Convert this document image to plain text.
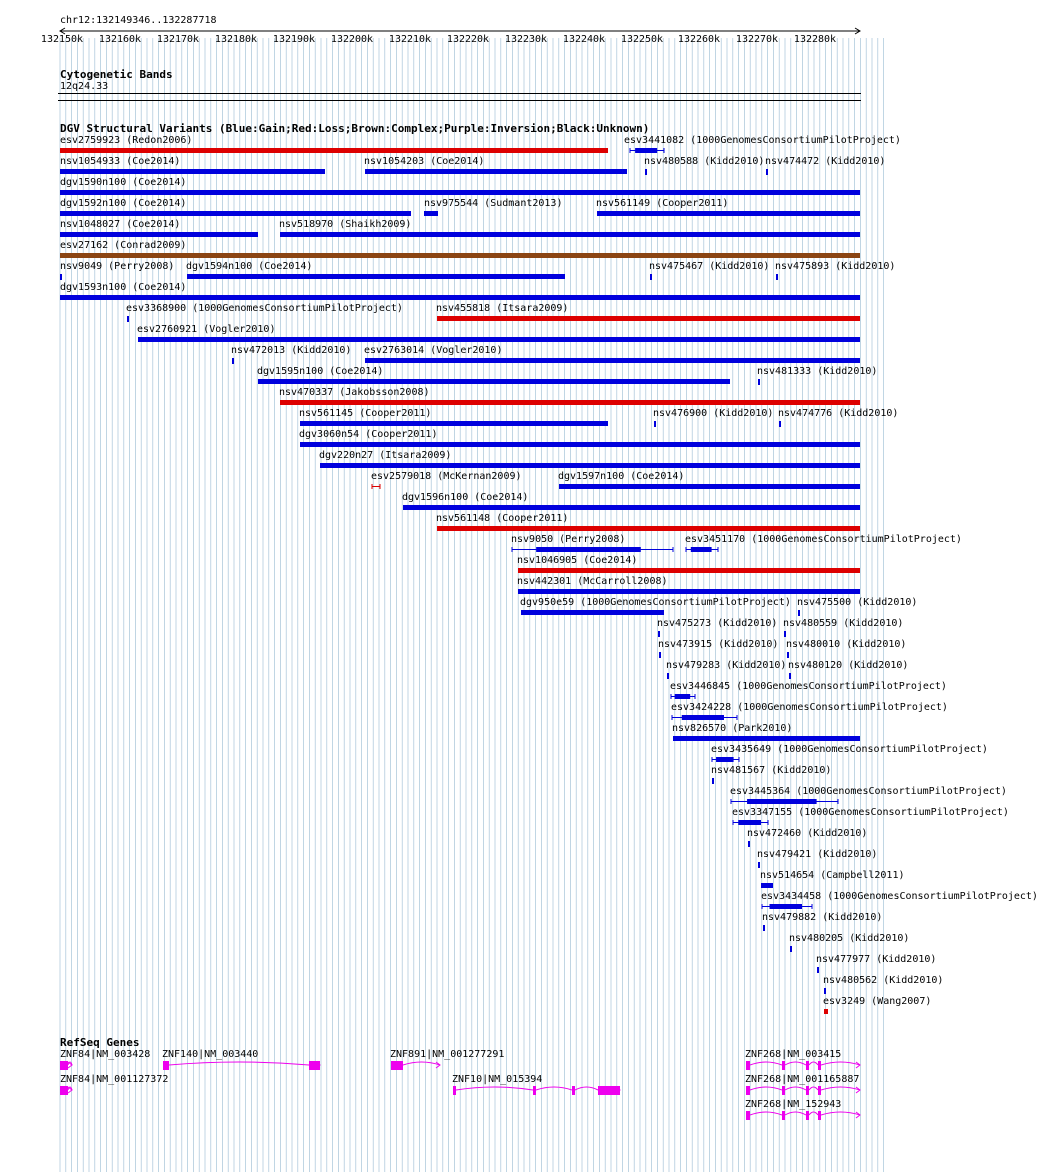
chr12:132149346..132287718
132150k 132160k 132170k 132180k 132190k 132200k 132210k 132220k 132230k 132240k 132250k 132260k 132270k 132280k
Cytogenetic Bands
12q24.33
DGV Structural Variants (Blue:Gain;Red:Loss;Brown:Complex;Purple:Inversion;Black:Unknown)
esv2759923 (Redon2006)	esv3441082 (1000GenomesConsortiumPilotProject)
nsv1054933 (Coe2014)	nsv1054203 (Coe2014)	nsv480588 (Kidd2010) nsv474472 (Kidd2010)
dgv1590n100 (Coe2014)
dgv1592n100 (Coe2014)	nsv975544 (Sudmant2013)	nsv561149 (Cooper2011)
nsv1048027 (Coe2014)	nsv518970 (Shaikh2009)
esv27162 (Conrad2009)
nsv9049 (Perry2008) dgv1594n100 (Coe2014)	nsv475467 (Kidd2010) nsv475893 (Kidd2010)
dgv1593n100 (Coe2014)
esv3368900 (1000GenomesConsortiumPilotProject)	nsv455818 (Itsara2009)
esv2760921 (Vogler2010)
nsv472013 (Kidd2010) esv2763014 (Vogler2010)
dgv1595n100 (Coe2014)	nsv481333 (Kidd2010)
nsv470337 (Jakobsson2008)
nsv561145 (Cooper2011)	nsv476900 (Kidd2010) nsv474776 (Kidd2010)
dgv3060n54 (Cooper2011)
dgv220n27 (Itsara2009)
esv2579018 (McKernan2009)	dgv1597n100 (Coe2014)
dgv1596n100 (Coe2014)
nsv561148 (Cooper2011)
nsv9050 (Perry2008)	esv3451170 (1000GenomesConsortiumPilotProject)
nsv1046905 (Coe2014)
nsv442301 (McCarroll2008)
dgv950e59 (1000GenomesConsortiumPilotProject) nsv475500 (Kidd2010)
nsv475273 (Kidd2010) nsv480559 (Kidd2010)
nsv473915 (Kidd2010) nsv480010 (Kidd2010)
nsv479283 (Kidd2010) nsv480120 (Kidd2010)
esv3446845 (1000GenomesConsortiumPilotProject)
esv3424228 (1000GenomesConsortiumPilotProject)
nsv826570 (Park2010)
esv3435649 (1000GenomesConsortiumPilotProject)
nsv481567 (Kidd2010)
esv3445364 (1000GenomesConsortiumPilotProject)
esv3347155 (1000GenomesConsortiumPilotProject)
nsv472460 (Kidd2010)
nsv479421 (Kidd2010)
nsv514654 (Campbell2011)
esv3434458 (1000GenomesConsortiumPilotProject)
nsv479882 (Kidd2010)
nsv480205 (Kidd2010)
nsv477977 (Kidd2010)
nsv480562 (Kidd2010)
esv3249 (Wang2007)
RefSeq Genes
ZNF84|NM_003428 ZNF140|NM_003440	ZNF891|NM_001277291	ZNF268|NM_003415
ZNF84|NM_001127372	ZNF10|NM_015394	ZNF268|NM_001165887
ZNF268|NM_152943
